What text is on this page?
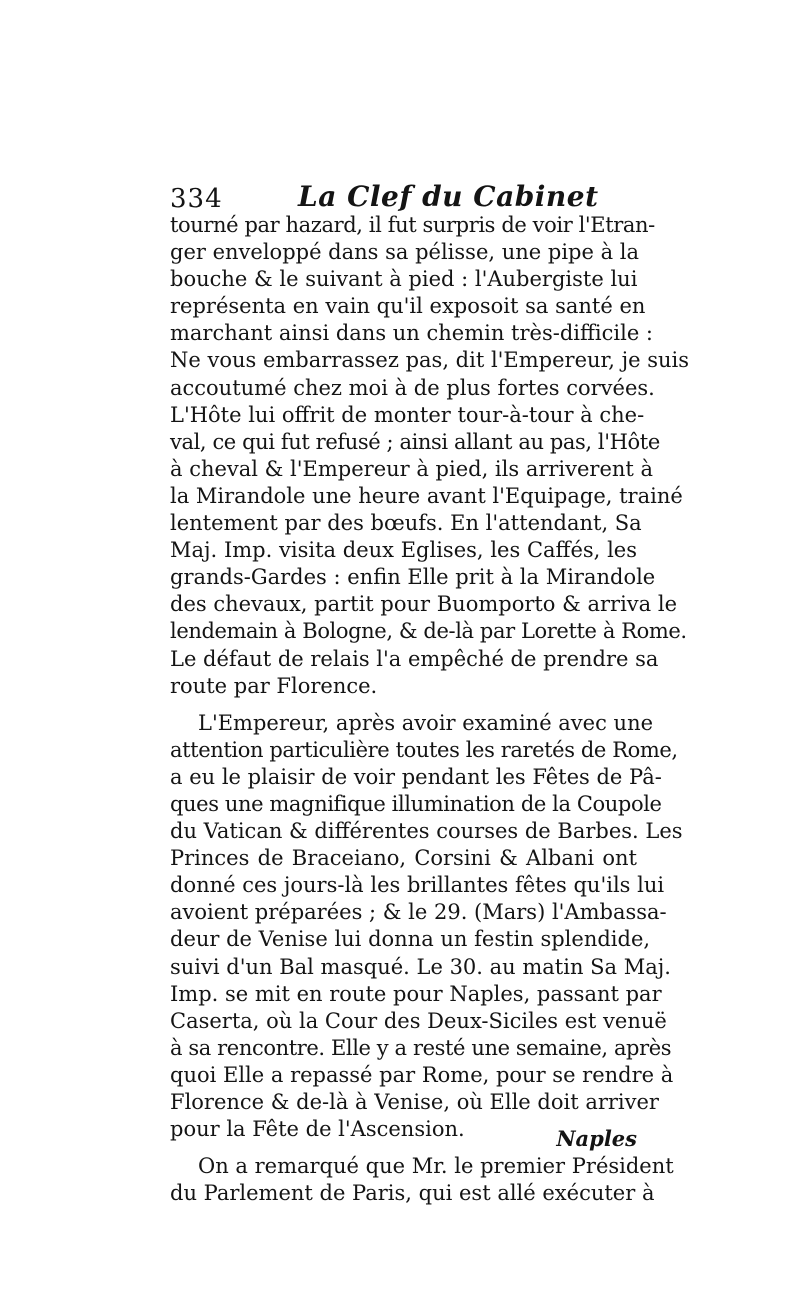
334	La Clef du Cabinet
tourné par hazard, il fut surpris de voir l'Etran-
ger enveloppé dans sa pélisse, une pipe à la
bouche & le suivant à pied : l'Aubergiste lui
représenta en vain qu'il exposoit sa santé en
marchant ainsi dans un chemin très-difficile :
Ne vous embarrassez pas, dit l'Empereur, je suis
accoutumé chez moi à de plus fortes corvées.
L'Hôte lui offrit de monter tour-à-tour à che-
val, ce qui fut refusé ; ainsi allant au pas, l'Hôte
à cheval & l'Empereur à pied, ils arriverent à
la Mirandole une heure avant l'Equipage, trainé
lentement par des bœufs. En l'attendant, Sa
Maj. Imp. visita deux Eglises, les Caffés, les
grands-Gardes : enfin Elle prit à la Mirandole
des chevaux, partit pour Buomporto & arriva le
lendemain à Bologne, & de-là par Lorette à Rome.
Le défaut de relais l'a empêché de prendre sa
route par Florence.
L'Empereur, après avoir examiné avec une
attention particulière toutes les raretés de Rome,
a eu le plaisir de voir pendant les Fêtes de Pâ-
ques une magnifique illumination de la Coupole
du Vatican & différentes courses de Barbes. Les
Princes de Braceiano, Corsini & Albani ont
donné ces jours-là les brillantes fêtes qu'ils lui
avoient préparées ; & le 29. (Mars) l'Ambassa-
deur de Venise lui donna un festin splendide,
suivi d'un Bal masqué. Le 30. au matin Sa Maj.
Imp. se mit en route pour Naples, passant par
Caserta, où la Cour des Deux-Siciles est venuë
à sa rencontre. Elle y a resté une semaine, après
quoi Elle a repassé par Rome, pour se rendre à
Florence & de-là à Venise, où Elle doit arriver
pour la Fête de l'Ascension.
On a remarqué que Mr. le premier Président
du Parlement de Paris, qui est allé exécuter à
Naples
